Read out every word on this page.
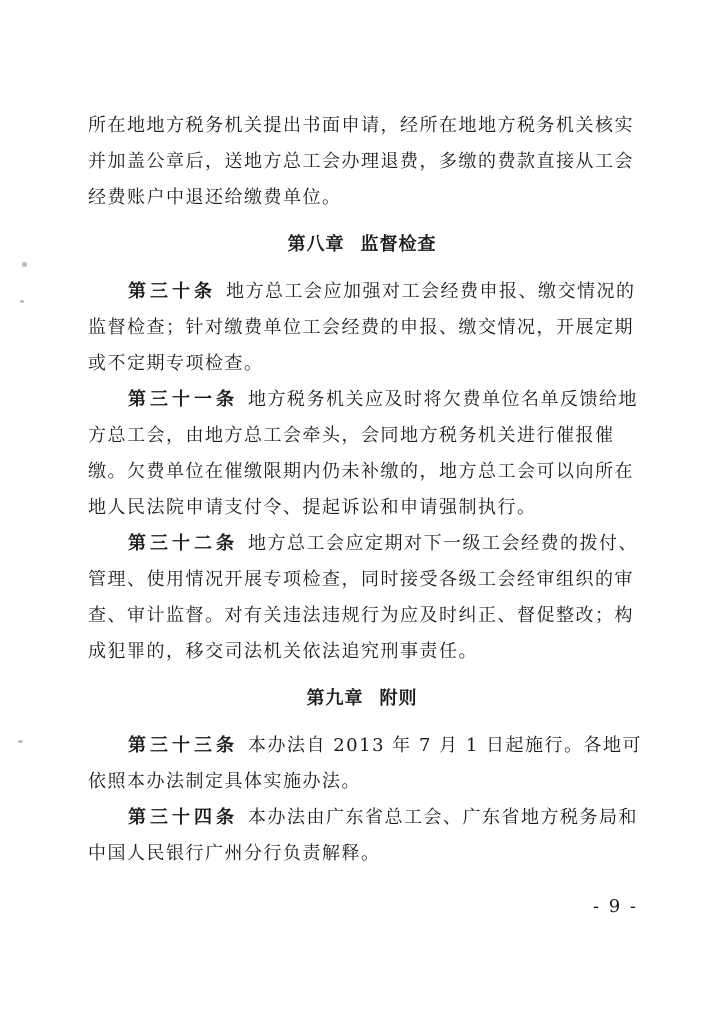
所在地地方税务机关提出书面申请，经所在地地方税务机关核实并加盖公章后，送地方总工会办理退费，多缴的费款直接从工会经费账户中退还给缴费单位。

第八章 监督检查

第三十条 地方总工会应加强对工会经费申报、缴交情况的监督检查；针对缴费单位工会经费的申报、缴交情况，开展定期或不定期专项检查。

第三十一条 地方税务机关应及时将欠费单位名单反馈给地方总工会，由地方总工会牵头，会同地方税务机关进行催报催缴。欠费单位在催缴限期内仍未补缴的，地方总工会可以向所在地人民法院申请支付令、提起诉讼和申请强制执行。

第三十二条 地方总工会应定期对下一级工会经费的拨付、管理、使用情况开展专项检查，同时接受各级工会经审组织的审查、审计监督。对有关违法违规行为应及时纠正、督促整改；构成犯罪的，移交司法机关依法追究刑事责任。

第九章 附则

第三十三条 本办法自 2013 年 7 月 1 日起施行。各地可依照本办法制定具体实施办法。

第三十四条 本办法由广东省总工会、广东省地方税务局和中国人民银行广州分行负责解释。

- 9 -
